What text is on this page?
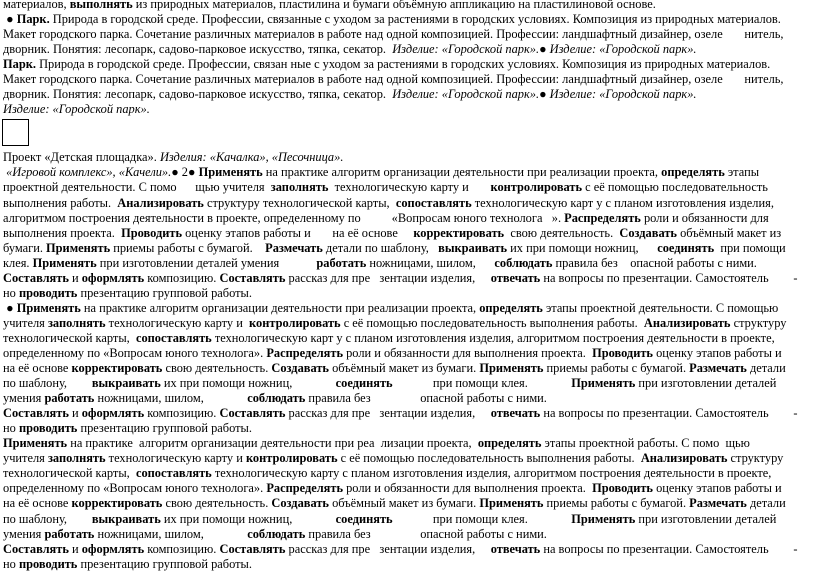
материалов, выполнять из природных материалов, пластилина и бумаги объёмную аппликацию на пластилиновой основе.
● Парк. Природа в городской среде. Профессии, связанные с уходом за растениями в городских условиях. Композиция из природных материалов.
Макет городского парка. Сочетание различных материалов в работе над одной композицией. Профессии: ландшафтный дизайнер, озеле       нитель,
дворник. Понятия: лесопарк, садово-парковое искусство, тяпка, секатор.  Изделие: «Городской парк».● Изделие: «Городской парк».
Парк. Природа в городской среде. Профессии, связан ные с уходом за растениями в городских условиях. Композиция из природных материалов.
Макет городского парка. Сочетание различных материалов в работе над одной композицией. Профессии: ландшафтный дизайнер, озеле       нитель,
дворник. Понятия: лесопарк, садово-парковое искусство, тяпка, секатор.  Изделие: «Городской парк».● Изделие: «Городской парк».
Изделие: «Городской парк».
Проект «Детская площадка». Изделия: «Качалка», «Песочница».
«Игровой комплекс», «Качели».● 2● Применять на практике алгоритм организации деятельности при реализации проекта, определять этапы
проектной деятельности. С помо      щью учителя  заполнять  технологическую карту и       контролировать с её помощью последовательность
выполнения работы.  Анализировать структуру технологической карты,  сопоставлять технологическую карт у с планом изготовления изделия,
алгоритмом построения деятельности в проекте, определенному по          «Вопросам юного технолога   ». Распределять роли и обязанности для
выполнения проекта.  Проводить оценку этапов работы и       на её основе     корректировать  свою деятельность.  Создавать объёмный макет из
бумаги. Применять приемы работы с бумагой.    Размечать детали по шаблону,   выкраивать их при помощи ножниц,      соединять  при помощи
клея. Применять при изготовлении деталей умения            работать ножницами, шилом,      соблюдать правила без    опасной работы с ними.
Составлять и оформлять композицию. Составлять рассказ для пре   зентации изделия,     отвечать на вопросы по презентации. Самостоятель        -
но проводить презентацию групповой работы.
● Применять на практике алгоритм организации деятельности при реализации проекта, определять этапы проектной деятельности. С помощью
учителя заполнять технологическую карту и  контролировать с её помощью последовательность выполнения работы.  Анализировать структуру
технологической карты,  сопоставлять технологическую карт у с планом изготовления изделия, алгоритмом построения деятельности в проекте,
определенному по «Вопросам юного технолога». Распределять роли и обязанности для выполнения проекта.  Проводить оценку этапов работы и
на её основе корректировать свою деятельность. Создавать объёмный макет из бумаги. Применять приемы работы с бумагой. Размечать детали
по шаблону,        выкраивать их при помощи ножниц,              соединять             при помощи клея.              Применять при изготовлении деталей
умения работать ножницами, шилом,              соблюдать правила без                опасной работы с ними.
Составлять и оформлять композицию. Составлять рассказ для пре   зентации изделия,     отвечать на вопросы по презентации. Самостоятель        -
но проводить презентацию групповой работы.
Применять на практике  алгоритм организации деятельности при реа  лизации проекта,  определять этапы проектной работы. С помо  щью
учителя заполнять технологическую карту и контролировать с её помощью последовательность выполнения работы.  Анализировать структуру
технологической карты,  сопоставлять технологическую карту с планом изготовления изделия, алгоритмом построения деятельности в проекте,
определенному по «Вопросам юного технолога». Распределять роли и обязанности для выполнения проекта.  Проводить оценку этапов работы и
на её основе корректировать свою деятельность. Создавать объёмный макет из бумаги. Применять приемы работы с бумагой. Размечать детали
по шаблону,        выкраивать их при помощи ножниц,              соединять             при помощи клея.              Применять при изготовлении деталей
умения работать ножницами, шилом,              соблюдать правила без                опасной работы с ними.
Составлять и оформлять композицию. Составлять рассказ для пре   зентации изделия,     отвечать на вопросы по презентации. Самостоятель        -
но проводить презентацию групповой работы.
